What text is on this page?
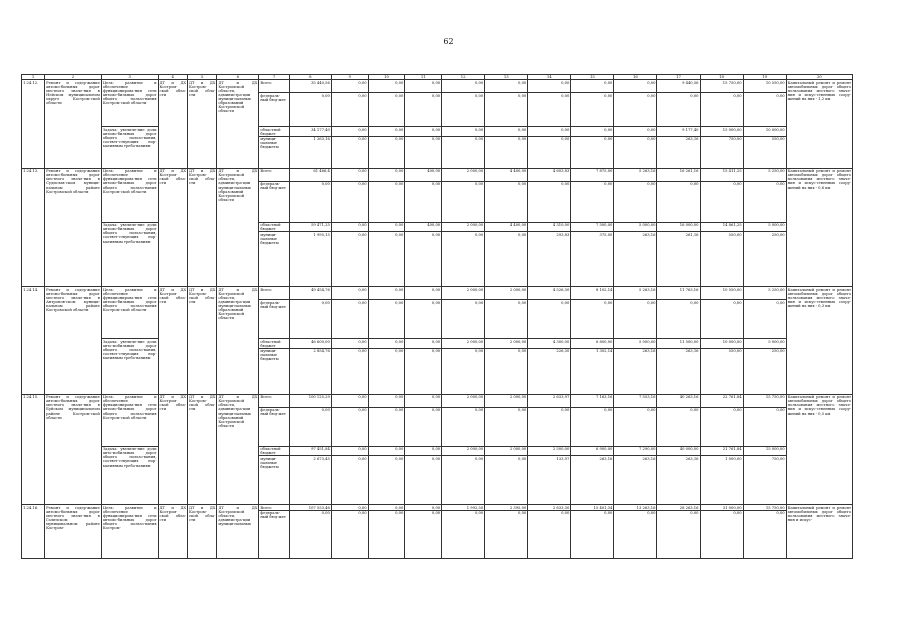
62
1	2	3	4	5	6	7	8	9	10	11	12	13	14	15	16	17	18	19	20
1.24.12.	Ремонт и содер-жание автомо-бильных дорог местного значе-ния в Нейском муниципальном округе Костром-ской области	Цель: развитие и обеспечение функционирова-ния сети автомо-бильных дорог общего пользо-вания Костром-ской области	ДТ и ДХ Костром-ской обла-сти	ДТ и ДХ Костром-ской обла-сти	ДТ и ДХ Костромской области, администра-ции муници-пальных образований Костромской области	Всего	35 440,56	0,00	0,00	0,00	0,00	0,00	0,00	0,00	0,00	9 440,56	15 750,00	10 550,00	Капитальный ремонт и ремонт автомобильных дорог общего пользования местного значе-ния и искус-ственных соору-жений на них - 1,2 км
						федераль-ный бюд-жет	0,00	0,00	0,00	0,00	0,00	0,00	0,00	0,00	0,00	0,00	0,00	0,00	
		Задача: увеличе-ние доли автомо-бильных дорог общего пользо-вания, соответ-ствующих нор-мативным требо-ваниям				областной бюджет	34 177,40	0,00	0,00	0,00	0,00	0,00	0,00	0,00	0,00	9 177,40	15 000,00	10 000,00	
						муници-пальные бюджеты	1 263,16	0,00	0,00	0,00	0,00	0,00	0,00	0,00	0,00	263,16	750,00	550,00	
1.24.13.	Ремонт и содер-жание автомо-бильных дорог местного значе-ния в Судислав-ском муници-пальном районе Костромской области	Цель: развитие и обеспечение функционирова-ния сети автомо-бильных дорог общего пользо-вания Костром-ской области	ДТ и ДХ Костром-ской обла-сти	ДТ и ДХ Костром-ской обла-сти	ДТ и ДХ Костромской области, администра-ции муници-пальных образований Костромской области	Всего	61 466,4	0,00	0,00	400,00	2 000,00	4 400,00	4 603,83	7 875,00	5 263,16	16 261,16	15 411,25	5 250,00	Капитальный ремонт и ремонт автомобильных дорог общего пользования местного значе-ния и искус-ственных соору-жений на них - 0,6 км
						федераль-ный бюд-жет	0,00	0,00	0,00	0,00	0,00	0,00	0,00	0,00	0,00	0,00	0,00	0,00	
		Задача: увеличе-ние доли автомо-бильных дорог общего пользо-вания, соответ-ствующих нор-мативным требо-ваниям				областной бюджет	59 471,25	0,00	0,00	400,00	2 000,00	4 400,00	4 310,00	7 500,00	5 000,00	16 000,00	14 861,25	5 000,00	
						муници-пальные бюджеты	1 995,15	0,00	0,00	0,00	0,00	0,00	293,83	375,00	263,16	261,16	550,00	250,00	
1.24.14.	Ремонт и содер-жание автомо-бильных дорог местного значе-ния в Антропов-ском муници-пальном районе Костромской области	Цель: развитие и обеспечение функционирова-ния сети автомо-бильных дорог общего пользо-вания Костром-ской области	ДТ и ДХ Костром-ской обла-сти	ДТ и ДХ Костром-ской обла-сти	ДТ и ДХ Костромской области, администра-ции муници-пальных образований Костромской области	Всего	49 454,76	0,00	0,00	0,00	2 000,00	2 000,00	4 526,30	8 102,14	5 263,16	11 763,16	10 550,00	5 250,00	Капитальный ремонт и ремонт автомобильных дорог общего пользования местного значе-ния и искус-ственных соору-жений на них - 0,3 км
						федераль-ный бюд-жет	0,00	0,00	0,00	0,00	0,00	0,00	0,00	0,00	0,00	0,00	0,00	0,00	
		Задача: увеличе-ние доли авто-мобильных дорог общего пользо-вания, соответ-ствующих нор-мативным требо-ваниям				областной бюджет	46 600,00	0,00	0,00	0,00	2 000,00	2 000,00	4 300,00	6 800,00	5 000,00	11 500,00	10 000,00	5 000,00	
						муници-пальные бюджеты	2 854,76	0,00	0,00	0,00	0,00	0,00	226,30	1 302,14	263,16	263,16	550,00	250,00	
1.24.15.	Ремонт и содер-жание автомо-бильных дорог местного значе-ния в Буйском муниципальном районе Костром-ской области	Цель: развитие и обеспечение функционирова-ния сети автомо-бильных дорог общего пользо-вания Костром-ской области	ДТ и ДХ Костром-ской обла-сти	ДТ и ДХ Костром-ской обла-сти	ДТ и ДХ Костромской области, администра-ции муници-пальных образований Костромской области	Всего	100 125,29	0,00	0,00	0,00	2 000,00	2 000,00	2 633,97	7 163,16	7 553,16	40 263,16	22 761,84	15 750,00	Капитальный ремонт и ремонт автомобильных дорог общего пользования местного значе-ния и искус-ственных соору-жений на них - 0,5 км
						федераль-ный бюд-жет	0,00	0,00	0,00	0,00	0,00	0,00	0,00	0,00	0,00	0,00	0,00	0,00	
		Задача: увеличе-ние доли авто-мобильных дорог общего пользо-вания, соответ-ствующих нор-мативным требо-ваниям				областной бюджет	97 451,84	0,00	0,00	0,00	2 000,00	2 000,00	2 500,00	6 900,00	7 290,00	40 000,00	21 761,84	15 000,00	
						муници-пальные бюджеты	2 673,45	0,00	0,00	0,00	0,00	0,00	133,97	263,16	263,16	263,16	1 000,00	750,00	
1.24.16.	Ремонт и содер-жание автомо-бильных дорог местного значе-ния в Галичском муниципальном районе Костром-	Цель: развитие и обеспечение функционирова-ния сети автомо-бильных дорог общего пользо-вания Костром-	ДТ и ДХ Костром-ской обла-сти	ДТ и ДХ Костром-ской обла-сти	ДТ и ДХ Костромской области, администра-ции муници-пальных	Всего	107 553,46	0,00	0,00	0,00	1 992,50	2 395,00	2 633,30	15 401,34	13 263,16	28 263,16	31 000,00	15 750,00	Капитальный ремонт и ремонт автомобильных дорог общего пользования местного значе-ния и искус-
						федераль-ный бюд-жет	0,00	0,00	0,00	0,00	0,00	0,00	0,00	0,00	0,00	0,00	0,00	0,00	
